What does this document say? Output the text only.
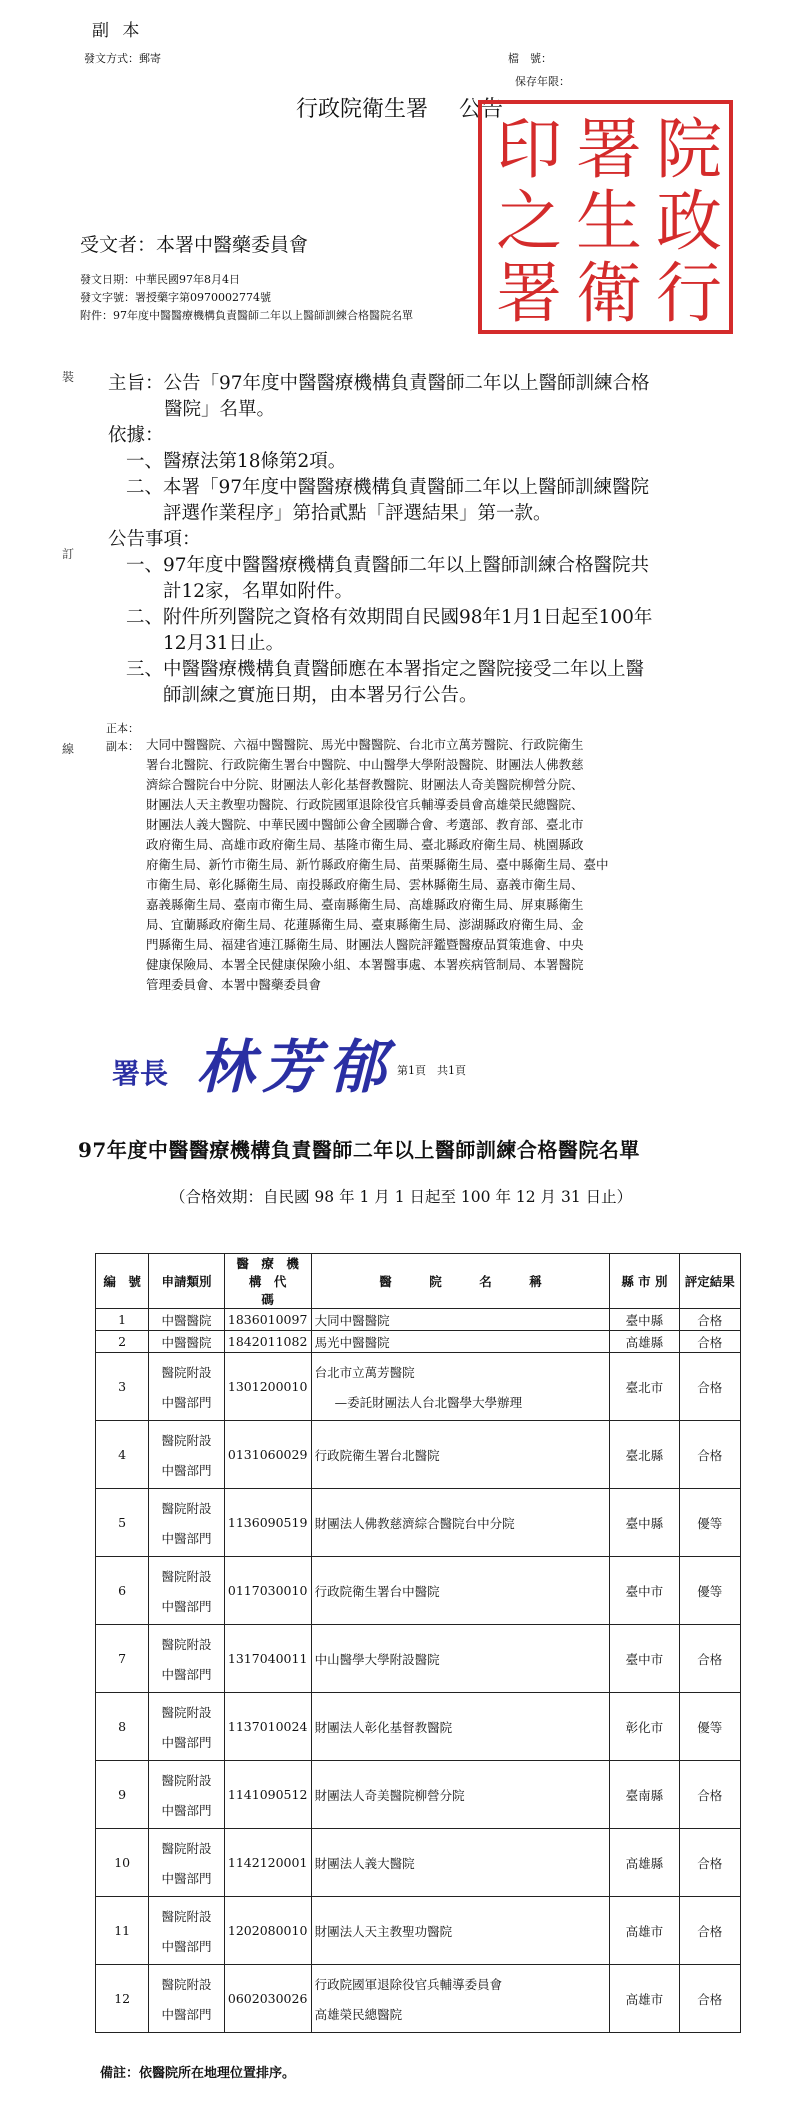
副 本
發文方式：郵寄	檔　號：
保存年限：
行政院衛生署 公告
院
政
行
署
生
衛
印
之
署
受文者：本署中醫藥委員會
發文日期：中華民國97年8月4日
發文字號：署授藥字第0970002774號
附件：97年度中醫醫療機構負責醫師二年以上醫師訓練合格醫院名單
裝
訂
線
主旨：公告「97年度中醫醫療機構負責醫師二年以上醫師訓練合格
醫院」名單。
依據：
一、醫療法第18條第2項。
二、本署「97年度中醫醫療機構負責醫師二年以上醫師訓練醫院
評選作業程序」第拾貳點「評選結果」第一款。
公告事項：
一、97年度中醫醫療機構負責醫師二年以上醫師訓練合格醫院共
計12家，名單如附件。
二、附件所列醫院之資格有效期間自民國98年1月1日起至100年
12月31日止。
三、中醫醫療機構負責醫師應在本署指定之醫院接受二年以上醫
師訓練之實施日期，由本署另行公告。
正本：
副本： 大同中醫醫院、六福中醫醫院、馬光中醫醫院、台北市立萬芳醫院、行政院衛生
署台北醫院、行政院衛生署台中醫院、中山醫學大學附設醫院、財團法人佛教慈
濟綜合醫院台中分院、財團法人彰化基督教醫院、財團法人奇美醫院柳營分院、
財團法人天主教聖功醫院、行政院國軍退除役官兵輔導委員會高雄榮民總醫院、
財團法人義大醫院、中華民國中醫師公會全國聯合會、考選部、教育部、臺北市
政府衛生局、高雄市政府衛生局、基隆市衛生局、臺北縣政府衛生局、桃園縣政
府衛生局、新竹市衛生局、新竹縣政府衛生局、苗栗縣衛生局、臺中縣衛生局、臺中
市衛生局、彰化縣衛生局、南投縣政府衛生局、雲林縣衛生局、嘉義市衛生局、
嘉義縣衛生局、臺南市衛生局、臺南縣衛生局、高雄縣政府衛生局、屏東縣衛生
局、宜蘭縣政府衛生局、花蓮縣衛生局、臺東縣衛生局、澎湖縣政府衛生局、金
門縣衛生局、福建省連江縣衛生局、財團法人醫院評鑑暨醫療品質策進會、中央
健康保險局、本署全民健康保險小組、本署醫事處、本署疾病管制局、本署醫院
管理委員會、本署中醫藥委員會
署長 林芳郁 第1頁　共1頁
97年度中醫醫療機構負責醫師二年以上醫師訓練合格醫院名單
（合格效期：自民國 98 年 1 月 1 日起至 100 年 12 月 31 日止）
編　號	申請類別	醫　療　機　構　代　　　碼	醫　　　院　　　名　　　稱	縣 市 別	評定結果
1	中醫醫院	1836010097	大同中醫醫院	臺中縣	合格
2	中醫醫院	1842011082	馬光中醫醫院	高雄縣	合格
3	醫院附設
中醫部門	1301200010	台北市立萬芳醫院
—委託財團法人台北醫學大學辦理	臺北市	合格
4	醫院附設
中醫部門	0131060029	行政院衛生署台北醫院	臺北縣	合格
5	醫院附設
中醫部門	1136090519	財團法人佛教慈濟綜合醫院台中分院	臺中縣	優等
6	醫院附設
中醫部門	0117030010	行政院衛生署台中醫院	臺中市	優等
7	醫院附設
中醫部門	1317040011	中山醫學大學附設醫院	臺中市	合格
8	醫院附設
中醫部門	1137010024	財團法人彰化基督教醫院	彰化市	優等
9	醫院附設
中醫部門	1141090512	財團法人奇美醫院柳營分院	臺南縣	合格
10	醫院附設
中醫部門	1142120001	財團法人義大醫院	高雄縣	合格
11	醫院附設
中醫部門	1202080010	財團法人天主教聖功醫院	高雄市	合格
12	醫院附設
中醫部門	0602030026	行政院國軍退除役官兵輔導委員會
高雄榮民總醫院	高雄市	合格
備註：依醫院所在地理位置排序。
